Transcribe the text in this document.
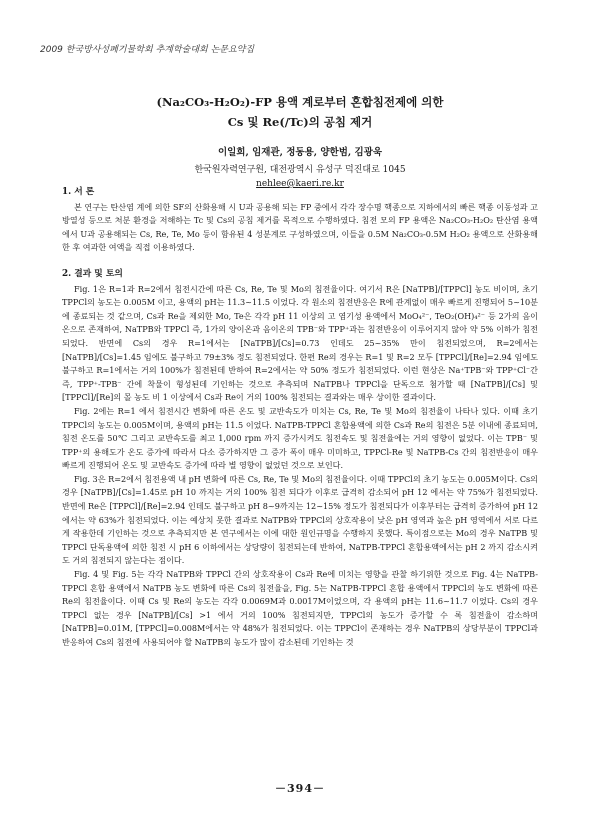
2009 한국방사성폐기물학회 추계학술대회 논문요약집
(Na₂CO₃-H₂O₂)-FP 용액 계로부터 혼합침전제에 의한
Cs 및 Re(/Tc)의 공침 제거
이일희, 임재관, 정동용, 양한범, 김광욱
한국원자력연구원, 대전광역시 유성구 덕진대로 1045
nehlee@kaeri.re.kr
1. 서 론

본 연구는 탄산염 계에 의한 SF의 산화용해 시 U과 공용해 되는 FP 중에서 각각 장수명 핵종으로 지하에서의 빠른 핵종 이동성과 고방열성 등으로 처분 환경을 저해하는 Tc 및 Cs의 공침 제거를 목적으로 수행하였다. 침전 모의 FP 용액은 Na₂CO₃-H₂O₂ 탄산염 용액에서 U과 공용해되는 Cs, Re, Te, Mo 등이 함유된 4 성분계로 구성하였으며, 이들을 0.5M Na₂CO₃-0.5M H₂O₂ 용액으로 산화용해한 후 여과한 여액을 직접 이용하였다.

2. 결과 및 토의

Fig. 1은 R=1과 R=2에서 침전시간에 따른 Cs, Re, Te 및 Mo의 침전율이다. 여기서 R은 [NaTPB]/[TPPCl] 농도 비이며, 초기 TPPCl의 농도는 0.005M 이고, 용액의 pH는 11.3~11.5 이었다. 각 원소의 침전반응은 R에 관계없이 매우 빠르게 진행되어 5~10분에 종료되는 것 같으며, Cs과 Re을 제외한 Mo, Te은 각각 pH 11 이상의 고 염기성 용액에서 MoO₄²⁻, TeO₂(OH)₄²⁻ 등 2가의 음이온으로 존재하여, NaTPB와 TPPCl 즉, 1가의 양이온과 음이온의 TPB⁻와 TPP⁺과는 침전반응이 이루어지지 않아 약 5% 이하가 침전되었다. 반면에 Cs의 경우 R=1에서는 [NaTPB]/[Cs]=0.73 인데도 25~35% 만이 침전되었으며, R=2에서는 [NaTPB]/[Cs]=1.45 임에도 불구하고 79±3% 정도 침전되었다. 한편 Re의 경우는 R=1 및 R=2 모두 [TPPCl]/[Re]=2.94 임에도 불구하고 R=1에서는 거의 100%가 침전된데 반하여 R=2에서는 약 50% 정도가 침전되었다. 이런 현상은 Na⁺TPB⁻와 TPP⁺Cl⁻간 즉, TPP⁺-TPB⁻ 간에 착물이 형성된데 기인하는 것으로 추측되며 NaTPB나 TPPCl을 단독으로 첨가할 때 [NaTPB]/[Cs] 및 [TPPCl]/[Re]의 몰 농도 비 1 이상에서 Cs과 Re이 거의 100% 침전되는 결과와는 매우 상이한 결과이다.

Fig. 2에는 R=1 에서 침전시간 변화에 따른 온도 및 교반속도가 미치는 Cs, Re, Te 및 Mo의 침전율이 나타나 있다. 이때 초기 TPPCl의 농도는 0.005M이며, 용액의 pH는 11.5 이었다. NaTPB-TPPCl 혼합용액에 의한 Cs과 Re의 침전은 5분 이내에 종료되며, 침전 온도를 50℃ 그리고 교반속도를 최고 1,000 rpm 까지 증가시켜도 침전속도 및 침전율에는 거의 영향이 없었다. 이는 TPB⁻ 및 TPP⁺의 용해도가 온도 증가에 따라서 다소 증가하지만 그 증가 폭이 매우 미미하고, TPPCl-Re 및 NaTPB-Cs 간의 침전반응이 매우 빠르게 진행되어 온도 및 교반속도 증가에 따라 별 영향이 없었던 것으로 보인다.

Fig. 3은 R=2에서 침전용액 내 pH 변화에 따른 Cs, Re, Te 및 Mo의 침전율이다. 이때 TPPCl의 초기 농도는 0.005M이다. Cs의 경우 [NaTPB]/[Cs]=1.45로 pH 10 까지는 거의 100% 침전 되다가 이후로 급격히 감소되어 pH 12 에서는 약 75%가 침전되었다. 반면에 Re은 [TPPCl]/[Re]=2.94 인데도 불구하고 pH 8~9까지는 12~15% 정도가 침전되다가 이후부터는 급격히 증가하여 pH 12에서는 약 63%가 침전되었다. 이는 예상치 못한 결과로 NaTPB와 TPPCl의 상호작용이 낮은 pH 영역과 높은 pH 영역에서 서로 다르게 작용한데 기인하는 것으로 추측되지만 본 연구에서는 이에 대한 원인규명을 수행하지 못했다. 특이점으로는 Mo의 경우 NaTPB 및 TPPCl 단독용액에 의한 침전 시 pH 6 이하에서는 상당량이 침전되는데 반하여, NaTPB-TPPCl 혼합용액에서는 pH 2 까지 감소시켜도 거의 침전되지 않는다는 점이다.

Fig. 4 및 Fig. 5는 각각 NaTPB와 TPPCl 간의 상호작용이 Cs과 Re에 미치는 영향을 관찰 하기위한 것으로 Fig. 4는 NaTPB-TPPCl 혼합 용액에서 NaTPB 농도 변화에 따른 Cs의 침전율을, Fig. 5는 NaTPB-TPPCl 혼합 용액에서 TPPCl의 농도 변화에 따른 Re의 침전율이다. 이때 Cs 및 Re의 농도는 각각 0.0069M과 0.0017M이었으며, 각 용액의 pH는 11.6~11.7 이었다. Cs의 경우 TPPCl 없는 경우 [NaTPB]/[Cs] >1 에서 거의 100% 침전되지만, TPPCl의 농도가 증가할 수 록 침전율이 감소하며 [NaTPB]=0.01M, [TPPCl]=0.008M에서는 약 48%가 침전되었다. 이는 TPPCl이 존재하는 경우 NaTPB의 상당부분이 TPPCl과 반응하여 Cs의 침전에 사용되어야 할 NaTPB의 농도가 많이 감소된데 기인하는 것

－394－
